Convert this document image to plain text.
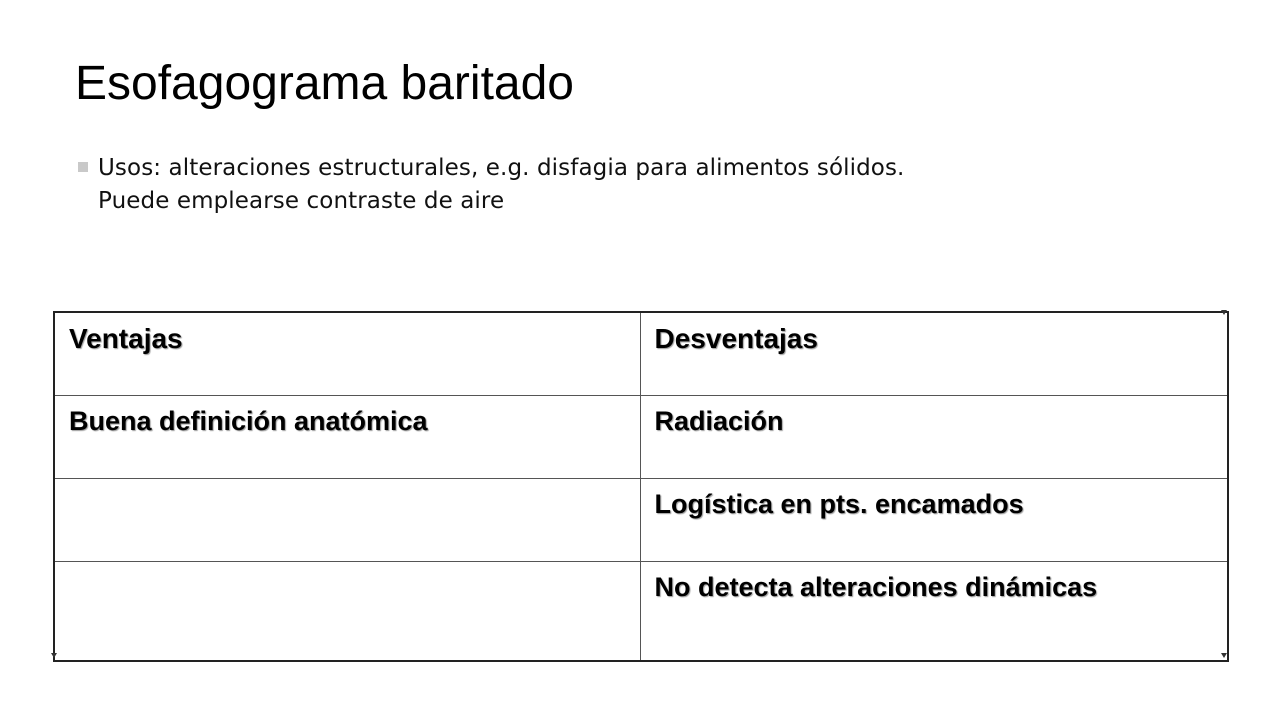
Esofagograma baritado
Usos: alteraciones estructurales, e.g. disfagia para alimentos sólidos.
Puede emplearse contraste de aire
Ventajas	Desventajas
Buena definición anatómica	Radiación
	Logística en pts. encamados
	No detecta alteraciones dinámicas
